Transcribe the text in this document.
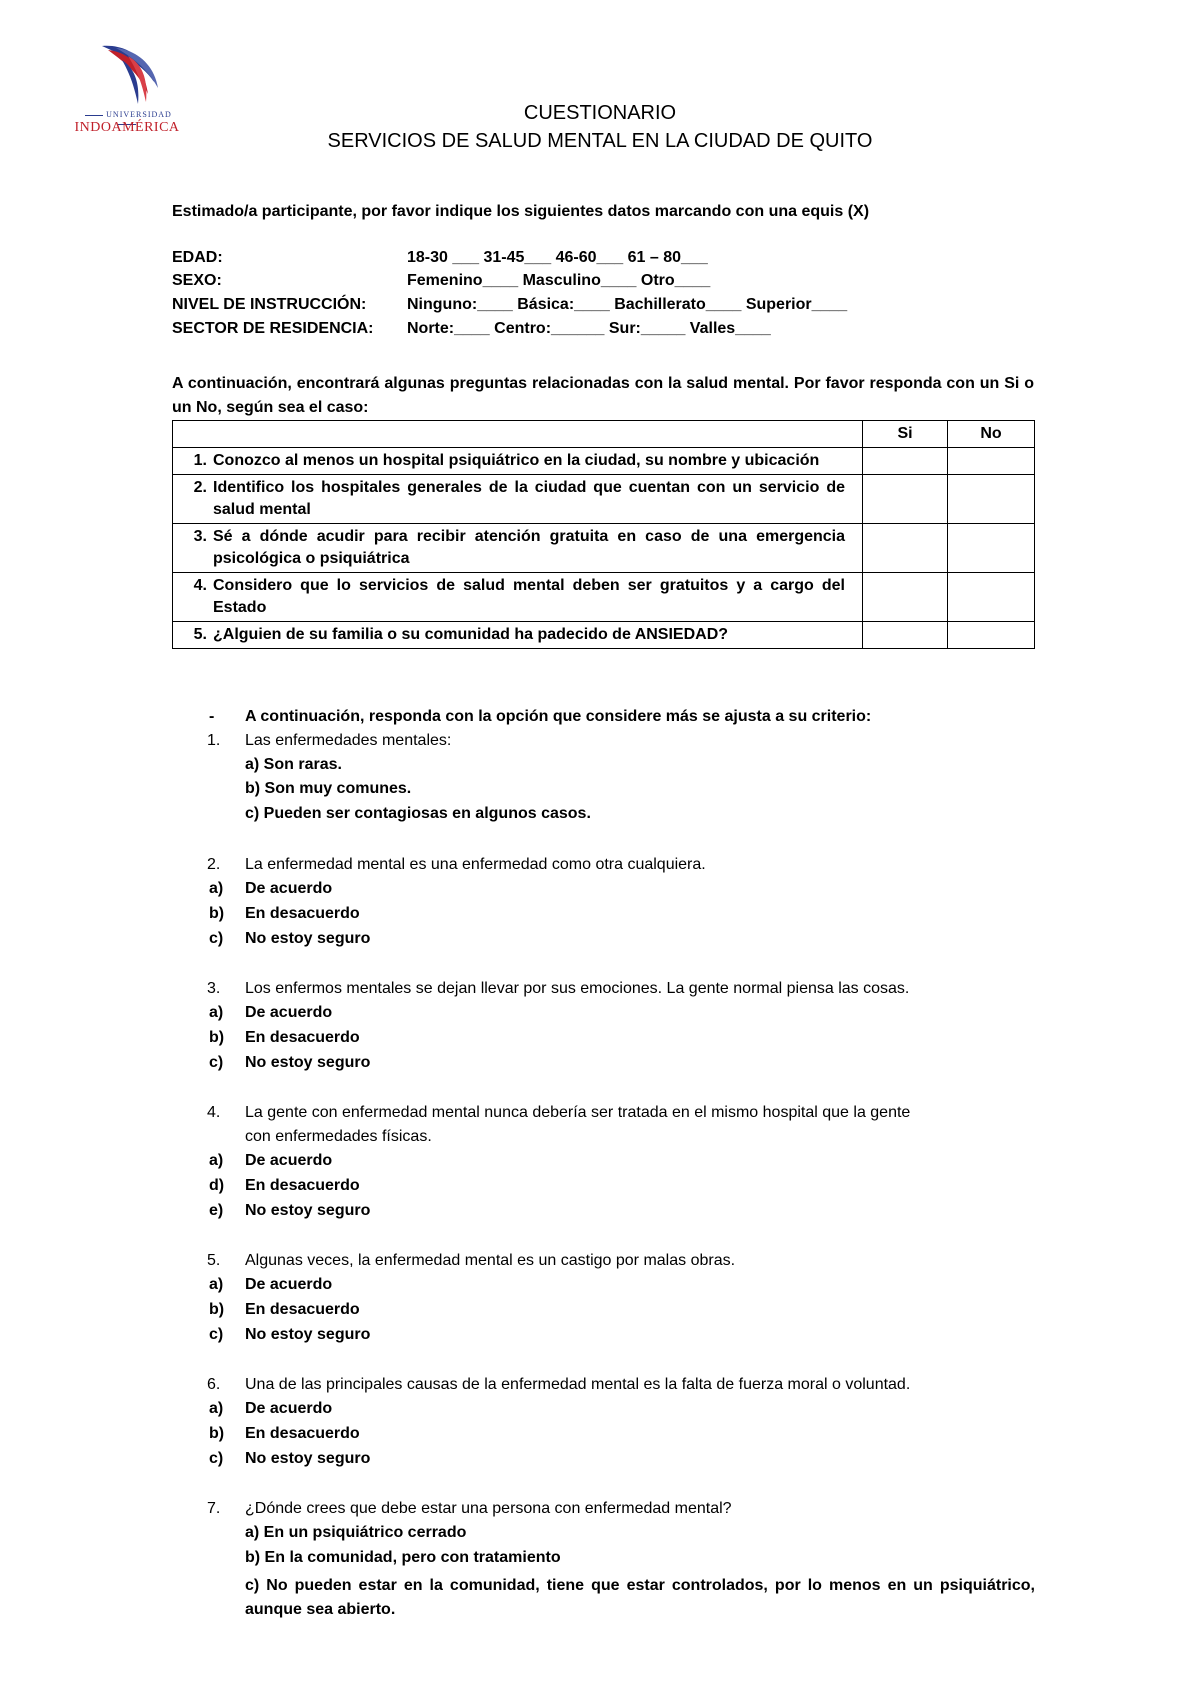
UNIVERSIDAD
INDOAMÉRICA
CUESTIONARIO
SERVICIOS DE SALUD MENTAL EN LA CIUDAD DE QUITO
Estimado/a participante, por favor indique los siguientes datos marcando con una equis (X)
EDAD:	18-30 ___ 31-45___ 46-60___ 61 – 80___
SEXO:	Femenino____ Masculino____ Otro____
NIVEL DE INSTRUCCIÓN:	Ninguno:____ Básica:____ Bachillerato____ Superior____
SECTOR DE RESIDENCIA: Norte:____ Centro:______ Sur:_____ Valles____
A continuación, encontrará algunas preguntas relacionadas con la salud mental. Por favor responda con un Si o un No, según sea el caso:
	Si	No
1. Conozco al menos un hospital psiquiátrico en la ciudad, su nombre y ubicación		
2. Identifico los hospitales generales de la ciudad que cuentan con un servicio de salud mental		
3. Sé a dónde acudir para recibir atención gratuita en caso de una emergencia psicológica o psiquiátrica		
4. Considero que lo servicios de salud mental deben ser gratuitos y a cargo del Estado		
5. ¿Alguien de su familia o su comunidad ha padecido de ANSIEDAD?		
- A continuación, responda con la opción que considere más se ajusta a su criterio:
1. Las enfermedades mentales:
a) Son raras.
b) Son muy comunes.
c) Pueden ser contagiosas en algunos casos.
2. La enfermedad mental es una enfermedad como otra cualquiera.
a) De acuerdo
b) En desacuerdo
c) No estoy seguro
3. Los enfermos mentales se dejan llevar por sus emociones. La gente normal piensa las cosas.
a) De acuerdo
b) En desacuerdo
c) No estoy seguro
4. La gente con enfermedad mental nunca debería ser tratada en el mismo hospital que la gente
con enfermedades físicas.
a) De acuerdo
d) En desacuerdo
e) No estoy seguro
5. Algunas veces, la enfermedad mental es un castigo por malas obras.
a) De acuerdo
b) En desacuerdo
c) No estoy seguro
6. Una de las principales causas de la enfermedad mental es la falta de fuerza moral o voluntad.
a) De acuerdo
b) En desacuerdo
c) No estoy seguro
7. ¿Dónde crees que debe estar una persona con enfermedad mental?
a) En un psiquiátrico cerrado
b) En la comunidad, pero con tratamiento
c) No pueden estar en la comunidad, tiene que estar controlados, por lo menos en un psiquiátrico, aunque sea abierto.
